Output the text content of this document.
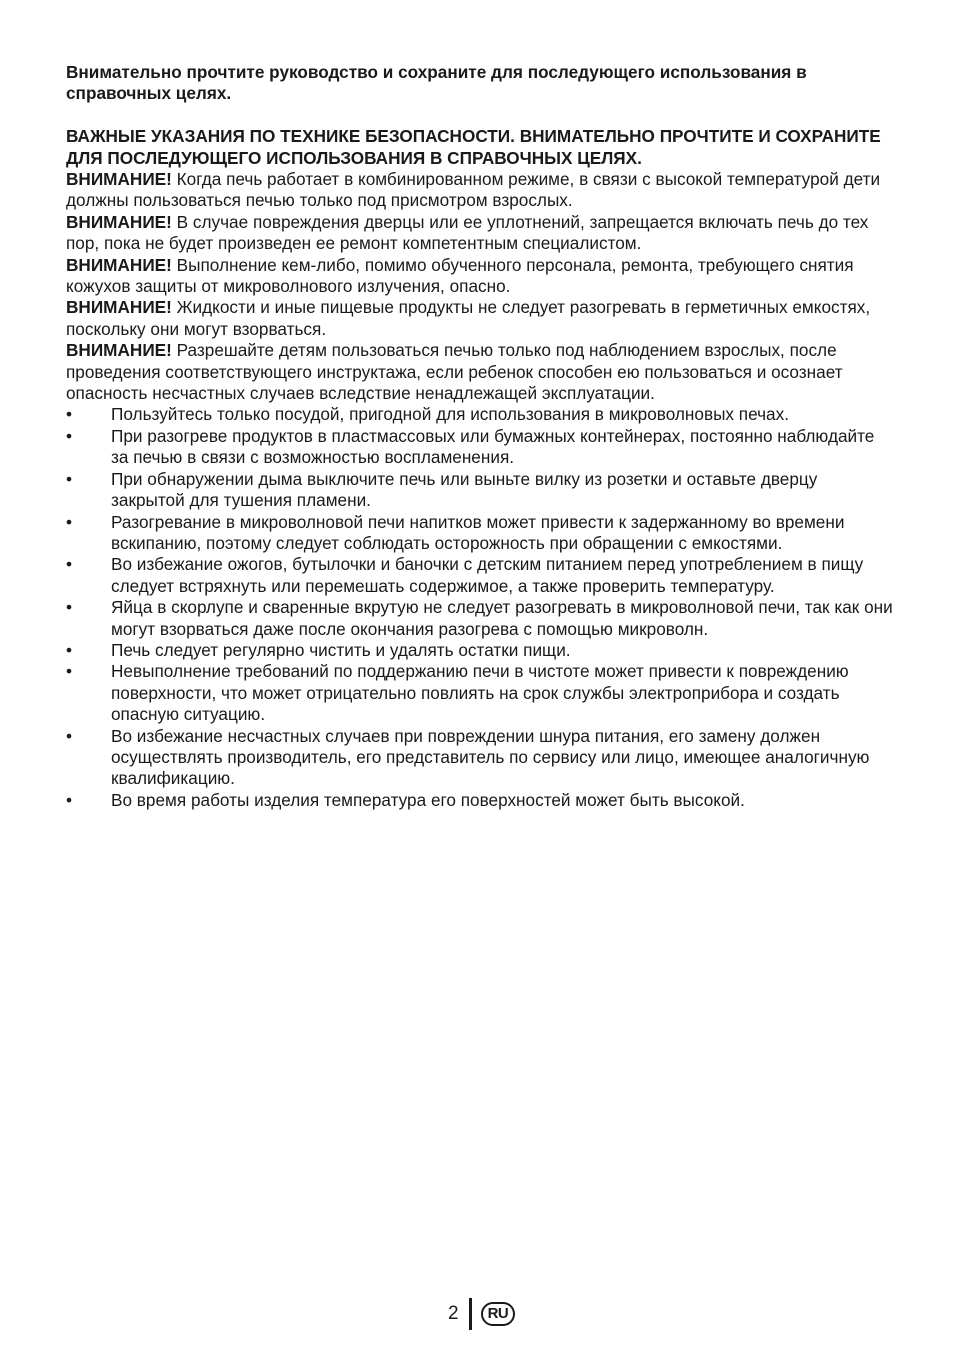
Внимательно прочтите руководство и сохраните для последующего использования в справочных целях.

ВАЖНЫЕ УКАЗАНИЯ ПО ТЕХНИКЕ БЕЗОПАСНОСТИ. ВНИМАТЕЛЬНО ПРОЧТИТЕ И СОХРАНИТЕ ДЛЯ ПОСЛЕДУЮЩЕГО ИСПОЛЬЗОВАНИЯ В СПРАВОЧНЫХ ЦЕЛЯХ.

ВНИМАНИЕ! Когда печь работает в комбинированном режиме, в связи с высокой температурой дети должны пользоваться печью только под присмотром взрослых.

ВНИМАНИЕ! В случае повреждения дверцы или ее уплотнений, запрещается включать печь до тех пор, пока не будет произведен ее ремонт компетентным специалистом.

ВНИМАНИЕ! Выполнение кем-либо, помимо обученного персонала, ремонта, требующего снятия кожухов защиты от микроволнового излучения, опасно.

ВНИМАНИЕ! Жидкости и иные пищевые продукты не следует разогревать в герметичных емкостях, поскольку они могут взорваться.

ВНИМАНИЕ! Разрешайте детям пользоваться печью только под наблюдением взрослых, после проведения соответствующего инструктажа, если ребенок способен ею пользоваться и осознает опасность несчастных случаев вследствие ненадлежащей эксплуатации.

•	Пользуйтесь только посудой, пригодной для использования в микроволновых печах.
•	При разогреве продуктов в пластмассовых или бумажных контейнерах, постоянно наблюдайте за печью в связи с возможностью воспламенения.
•	При обнаружении дыма выключите печь или выньте вилку из розетки и оставьте дверцу закрытой для тушения пламени.
•	Разогревание в микроволновой печи напитков может привести к задержанному во времени вскипанию, поэтому следует соблюдать осторожность при обращении с емкостями.
•	Во избежание ожогов, бутылочки и баночки с детским питанием перед употреблением в пищу следует встряхнуть или перемешать содержимое, а также проверить температуру.
•	Яйца в скорлупе и сваренные вкрутую не следует разогревать в микроволновой печи, так как они могут взорваться даже после окончания разогрева с помощью микроволн.
•	Печь следует регулярно чистить и удалять остатки пищи.
•	Невыполнение требований по поддержанию печи в чистоте может привести к повреждению поверхности, что может отрицательно повлиять на срок службы электроприбора и создать опасную ситуацию.
•	Во избежание несчастных случаев при повреждении шнура питания, его замену должен осуществлять производитель, его представитель по сервису или лицо, имеющее аналогичную квалификацию.
•	Во время работы изделия температура его поверхностей может быть высокой.
2	RU
